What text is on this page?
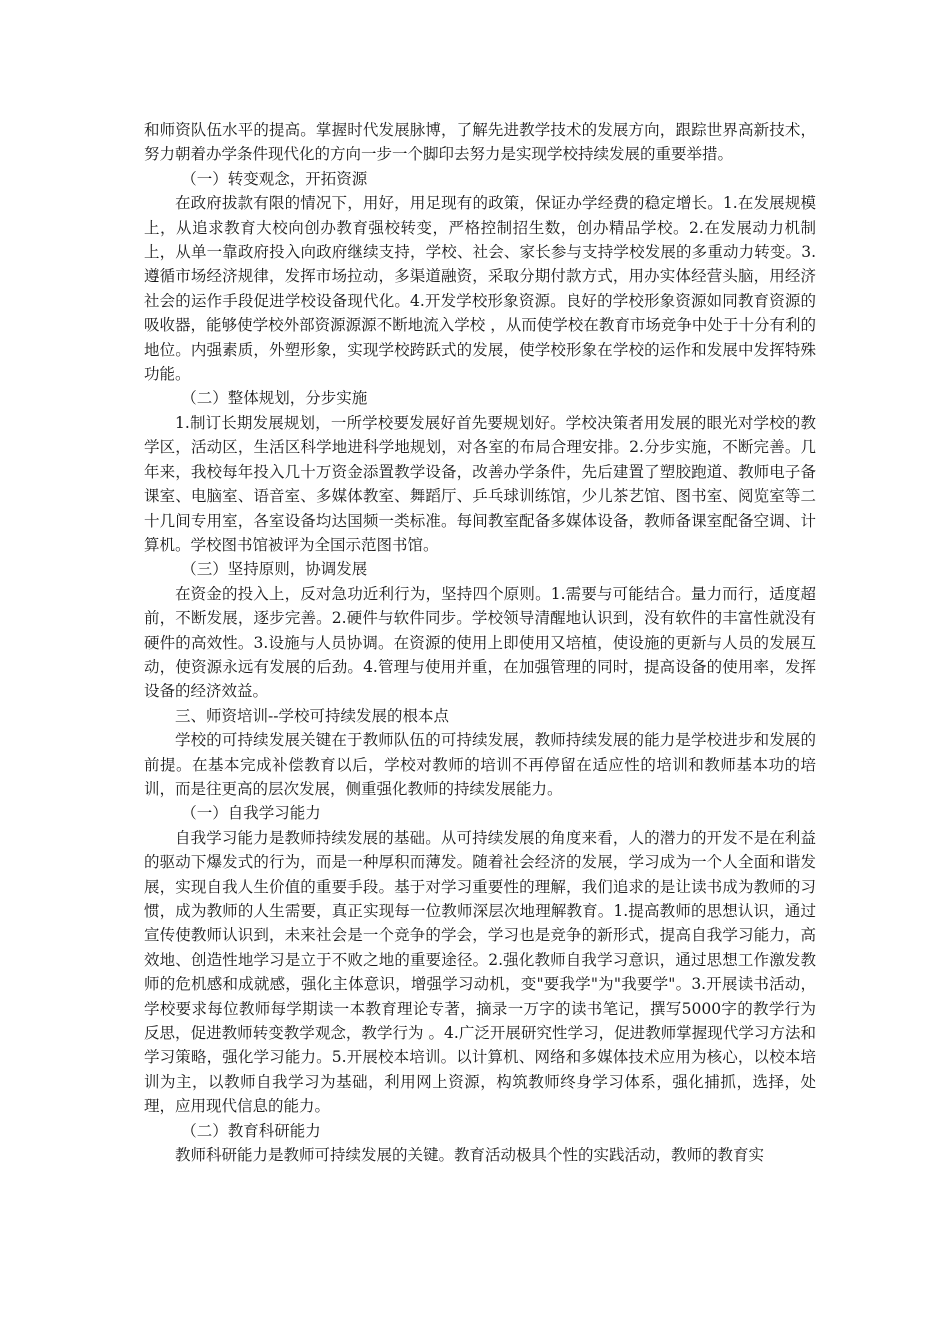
和师资队伍水平的提高。掌握时代发展脉博，了解先进教学技术的发展方向，跟踪世界高新技术，努力朝着办学条件现代化的方向一步一个脚印去努力是实现学校持续发展的重要举措。

（一）转变观念，开拓资源

在政府拔款有限的情况下，用好，用足现有的政策，保证办学经费的稳定增长。1.在发展规模上，从追求教育大校向创办教育强校转变，严格控制招生数，创办精品学校。2.在发展动力机制上，从单一靠政府投入向政府继续支持，学校、社会、家长参与支持学校发展的多重动力转变。3.遵循市场经济规律，发挥市场拉动，多渠道融资，采取分期付款方式，用办实体经营头脑，用经济社会的运作手段促进学校设备现代化。4.开发学校形象资源。良好的学校形象资源如同教育资源的吸收器，能够使学校外部资源源源不断地流入学校 ，从而使学校在教育市场竞争中处于十分有利的地位。内强素质，外塑形象，实现学校跨跃式的发展，使学校形象在学校的运作和发展中发挥特殊功能。

（二）整体规划，分步实施

1.制订长期发展规划，一所学校要发展好首先要规划好。学校决策者用发展的眼光对学校的教学区，活动区，生活区科学地进科学地规划，对各室的布局合理安排。2.分步实施，不断完善。几年来，我校每年投入几十万资金添置教学设备，改善办学条件，先后建置了塑胶跑道、教师电子备课室、电脑室、语音室、多媒体教室、舞蹈厅、乒乓球训练馆，少儿茶艺馆、图书室、阅览室等二十几间专用室，各室设备均达国频一类标准。每间教室配备多媒体设备，教师备课室配备空调、计算机。学校图书馆被评为全国示范图书馆。

（三）坚持原则，协调发展

在资金的投入上，反对急功近利行为，坚持四个原则。1.需要与可能结合。量力而行，适度超前，不断发展，逐步完善。2.硬件与软件同步。学校领导清醒地认识到，没有软件的丰富性就没有硬件的高效性。3.设施与人员协调。在资源的使用上即使用又培植，使设施的更新与人员的发展互动，使资源永远有发展的后劲。4.管理与使用并重，在加强管理的同时，提高设备的使用率，发挥设备的经济效益。

三、师资培训--学校可持续发展的根本点

学校的可持续发展关键在于教师队伍的可持续发展，教师持续发展的能力是学校进步和发展的前提。在基本完成补偿教育以后，学校对教师的培训不再停留在适应性的培训和教师基本功的培训，而是往更高的层次发展，侧重强化教师的持续发展能力。

（一）自我学习能力

自我学习能力是教师持续发展的基础。从可持续发展的角度来看，人的潜力的开发不是在利益的驱动下爆发式的行为，而是一种厚积而薄发。随着社会经济的发展，学习成为一个人全面和谐发展，实现自我人生价值的重要手段。基于对学习重要性的理解，我们追求的是让读书成为教师的习惯，成为教师的人生需要，真正实现每一位教师深层次地理解教育。1.提高教师的思想认识，通过宣传使教师认识到，未来社会是一个竞争的学会，学习也是竞争的新形式，提高自我学习能力，高效地、创造性地学习是立于不败之地的重要途径。2.强化教师自我学习意识，通过思想工作激发教师的危机感和成就感，强化主体意识，增强学习动机，变"要我学"为"我要学"。3.开展读书活动，学校要求每位教师每学期读一本教育理论专著，摘录一万字的读书笔记，撰写5000字的教学行为反思，促进教师转变教学观念，教学行为 。4.广泛开展研究性学习，促进教师掌握现代学习方法和学习策略，强化学习能力。5.开展校本培训。以计算机、网络和多媒体技术应用为核心，以校本培训为主，以教师自我学习为基础，利用网上资源，构筑教师终身学习体系，强化捕抓，选择，处理，应用现代信息的能力。

（二）教育科研能力

教师科研能力是教师可持续发展的关键。教育活动极具个性的实践活动，教师的教育实
